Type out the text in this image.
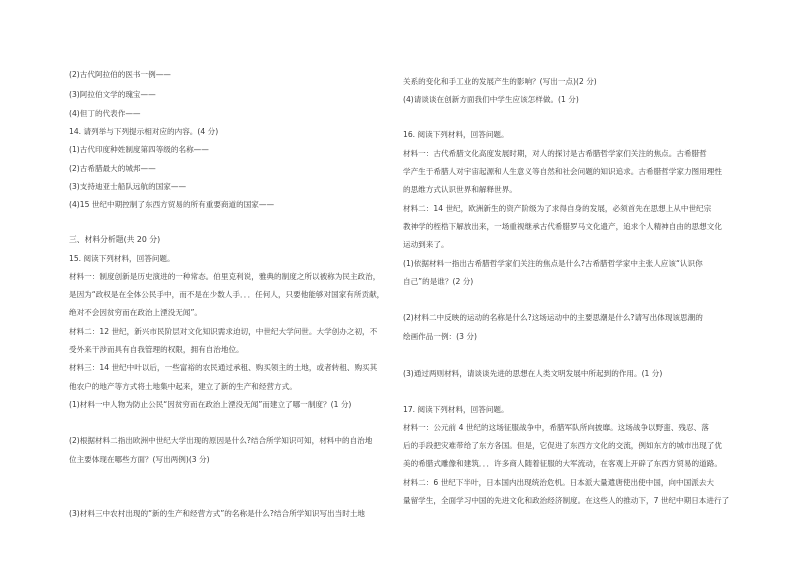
(2)古代阿拉伯的医书一例——
(3)阿拉伯文学的瑰宝——
(4)但丁的代表作——
14. 请列举与下列提示相对应的内容。(4 分)
(1)古代印度种姓制度第四等级的名称——
(2)古希腊最大的城邦——
(3)支持迪亚士船队远航的国家——
(4)15 世纪中期控制了东西方贸易的所有重要商道的国家——
三、材料分析题(共 20 分)
15. 阅读下列材料，回答问题。
材料一：制度创新是历史演进的一种常态。伯里克利说，雅典的制度之所以被称为民主政治，
是因为“政权是在全体公民手中，而不是在少数人手．．．任何人，只要他能够对国家有所贡献，
绝对不会因贫穷而在政治上湮没无闻”。
材料二：12 世纪，新兴市民阶层对文化知识需求迫切，中世纪大学问世。大学创办之初，不
受外来干涉而具有自我管理的权限，拥有自治地位。
材料三：14 世纪中叶以后，一些富裕的农民通过承租、购买领主的土地，或者转租、购买其
他农户的地产等方式将土地集中起来，建立了新的生产和经营方式。
(1)材料一中人物为防止公民“因贫穷而在政治上湮没无闻”而建立了哪一制度？(1 分)
(2)根据材料二指出欧洲中世纪大学出现的原因是什么?结合所学知识可知，材料中的自治地
位主要体现在哪些方面？(写出两例)(3 分)
(3)材料三中农村出现的“新的生产和经营方式”的名称是什么?结合所学知识写出当时土地
关系的变化和手工业的发展产生的影响？(写出一点)(2 分)
(4)请谈谈在创新方面我们中学生应该怎样做。(1 分)
16. 阅读下列材料，回答问题。
材料一：古代希腊文化高度发展时期，对人的探讨是古希腊哲学家们关注的焦点。古希腊哲
学产生于希腊人对宇宙起源和人生意义等自然和社会问题的知识追求。古希腊哲学家力图用理性
的思维方式认识世界和解释世界。
材料二：14 世纪，欧洲新生的资产阶级为了求得自身的发展，必须首先在思想上从中世纪宗
教神学的桎梏下解放出来，一场重视继承古代希腊罗马文化遗产，追求个人精神自由的思想文化
运动到来了。
(1)依据材料一指出古希腊哲学家们关注的焦点是什么?古希腊哲学家中主张人应该“认识你
自己”的是谁？(2 分)
(2)材料二中反映的运动的名称是什么?这场运动中的主要思潮是什么?请写出体现该思潮的
绘画作品一例：(3 分)
(3)通过两则材料，请谈谈先进的思想在人类文明发展中所起到的作用。(1 分)
17. 阅读下列材料，回答问题。
材料一：公元前 4 世纪的这场征服战争中，希腊军队所向披靡。这场战争以野蛮、残忍、落
后的手段把灾难带给了东方各国。但是，它促进了东西方文化的交流，例如东方的城市出现了优
美的希腊式雕像和建筑．．．许多商人随着征服的大军流动，在客观上开辟了东西方贸易的道路。
材料二：6 世纪下半叶，日本国内出现统治危机。日本派大量遣唐使出使中国，向中国派去大
量留学生，全面学习中国的先进文化和政治经济制度。在这些人的推动下，7 世纪中期日本进行了
